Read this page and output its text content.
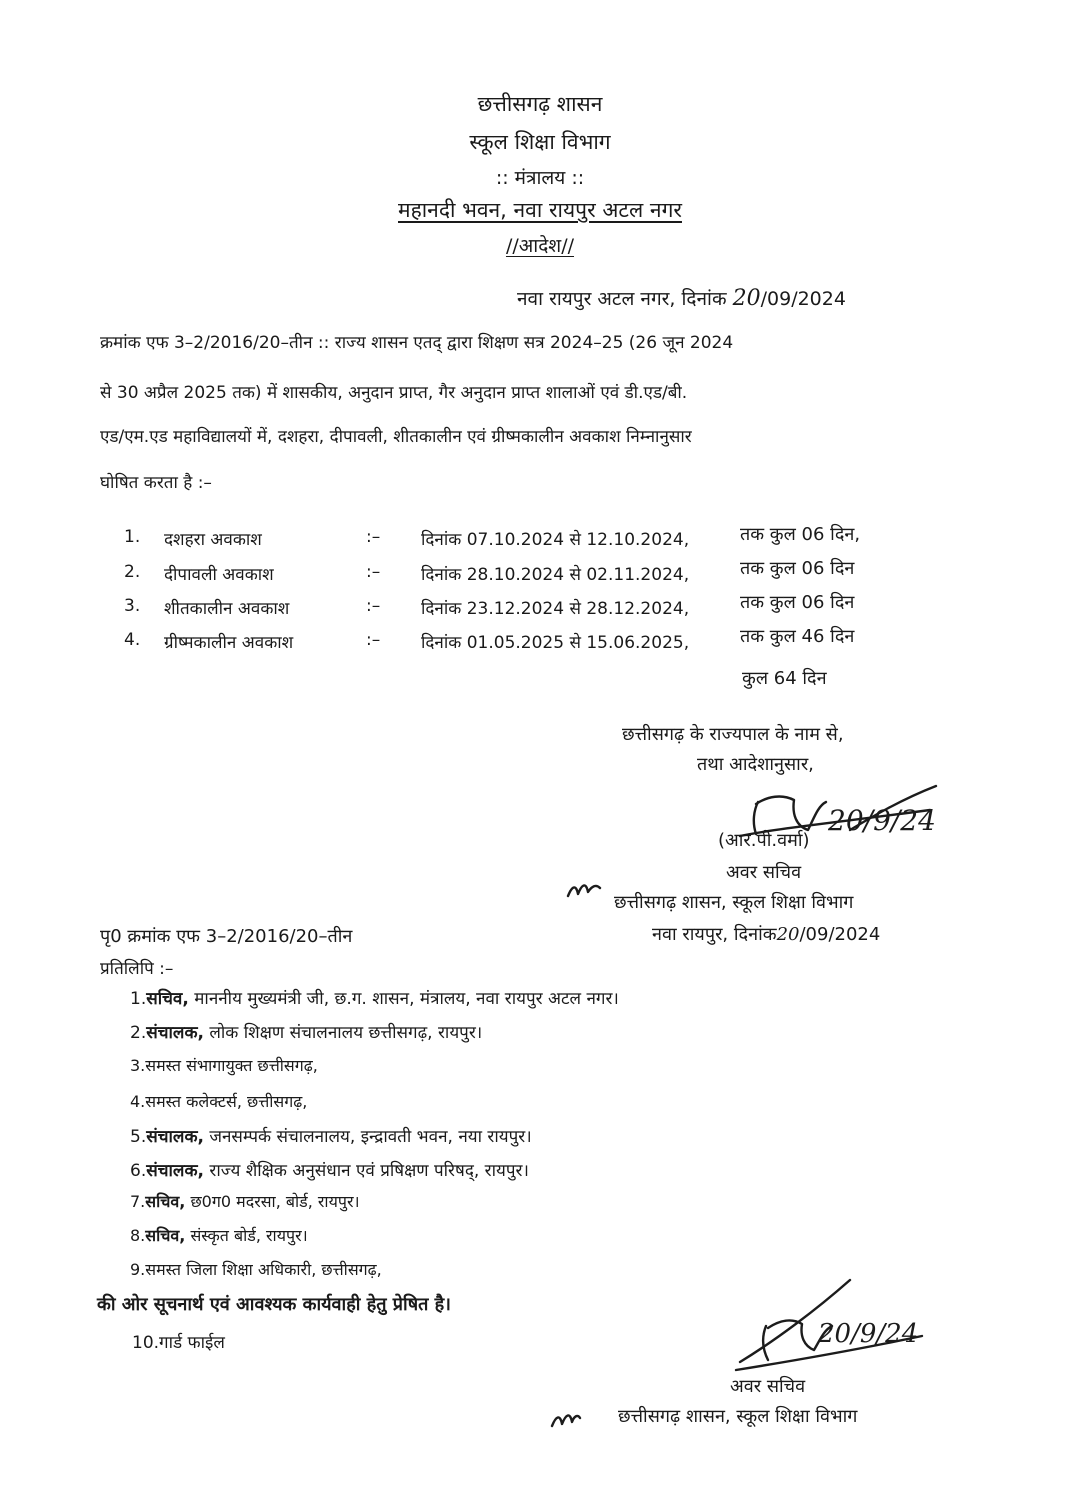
छत्तीसगढ़ शासन
स्कूल शिक्षा विभाग
:: मंत्रालय ::
महानदी भवन, नवा रायपुर अटल नगर
//आदेश//
नवा रायपुर अटल नगर, दिनांक 20/09/2024
क्रमांक एफ 3–2/2016/20–तीन :: राज्य शासन एतद् द्वारा शिक्षण सत्र 2024–25 (26 जून 2024
से 30 अप्रैल 2025 तक) में शासकीय, अनुदान प्राप्त, गैर अनुदान प्राप्त शालाओं एवं डी.एड/बी.
एड/एम.एड महाविद्यालयों में, दशहरा, दीपावली, शीतकालीन एवं ग्रीष्मकालीन अवकाश निम्नानुसार
घोषित करता है :–
1. दशहरा अवकाश	:– दिनांक 07.10.2024 से 12.10.2024,	तक कुल 06 दिन,
2. दीपावली अवकाश	:– दिनांक 28.10.2024 से 02.11.2024,	तक कुल 06 दिन
3. शीतकालीन अवकाश	:– दिनांक 23.12.2024 से 28.12.2024,	तक कुल 06 दिन
4. ग्रीष्मकालीन अवकाश	:– दिनांक 01.05.2025 से 15.06.2025,	तक कुल 46 दिन
कुल 64 दिन
छत्तीसगढ़ के राज्यपाल के नाम से,
तथा आदेशानुसार,
20/9/24
(आर.पी.वर्मा)
अवर सचिव
छत्तीसगढ़ शासन, स्कूल शिक्षा विभाग
नवा रायपुर, दिनांक20/09/2024
पृ0 क्रमांक एफ 3–2/2016/20–तीन
प्रतिलिपि :–
1.सचिव, माननीय मुख्यमंत्री जी, छ.ग. शासन, मंत्रालय, नवा रायपुर अटल नगर।
2.संचालक, लोक शिक्षण संचालनालय छत्तीसगढ़, रायपुर।
3.समस्त संभागायुक्त छत्तीसगढ़,
4.समस्त कलेक्टर्स, छत्तीसगढ़,
5.संचालक, जनसम्पर्क संचालनालय, इन्द्रावती भवन, नया रायपुर।
6.संचालक, राज्य शैक्षिक अनुसंधान एवं प्रषिक्षण परिषद्, रायपुर।
7.सचिव, छ0ग0 मदरसा, बोर्ड, रायपुर।
8.सचिव, संस्कृत बोर्ड, रायपुर।
9.समस्त जिला शिक्षा अधिकारी, छत्तीसगढ़,
की ओर सूचनार्थ एवं आवश्यक कार्यवाही हेतु प्रेषित है।
10.गार्ड फाईल	20/9/24
अवर सचिव
छत्तीसगढ़ शासन, स्कूल शिक्षा विभाग
